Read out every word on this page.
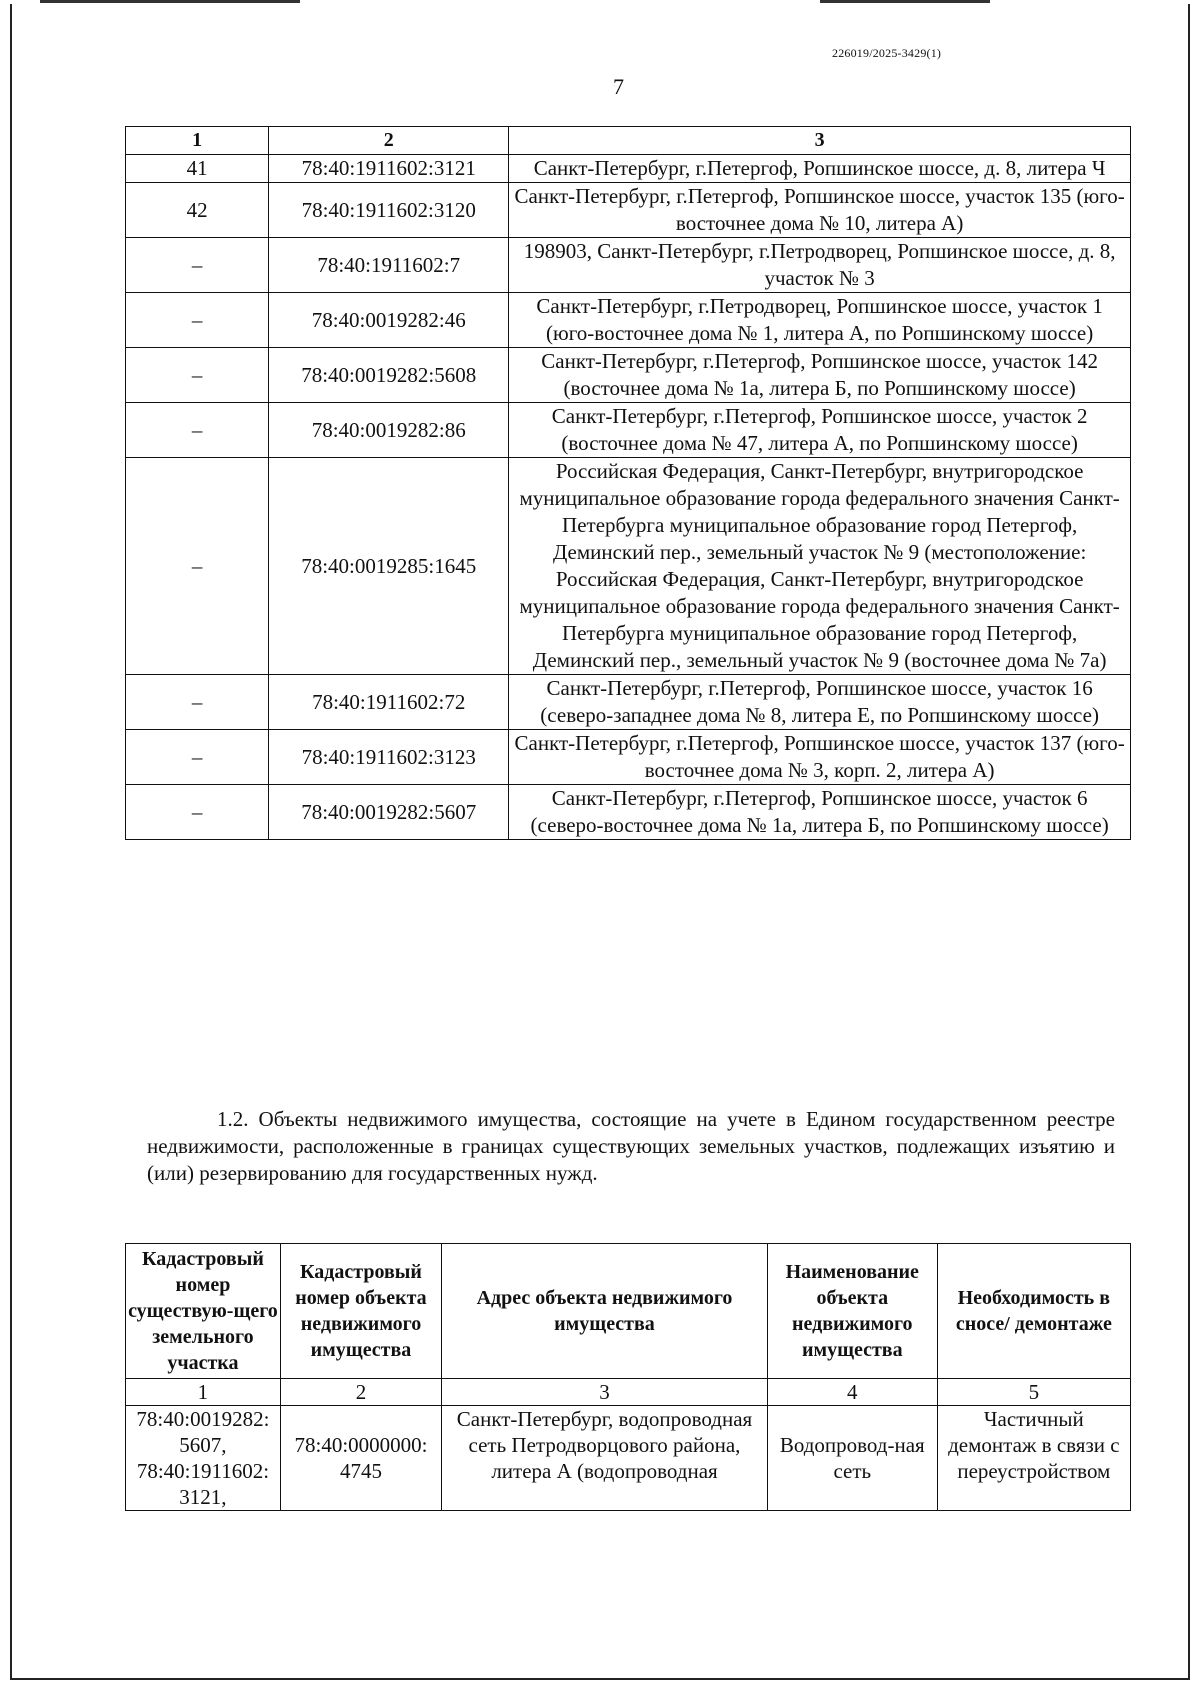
226019/2025-3429(1)
7
1	2	3
41	78:40:1911602:3121	Санкт-Петербург, г.Петергоф, Ропшинское шоссе, д. 8, литера Ч
42	78:40:1911602:3120	Санкт-Петербург, г.Петергоф, Ропшинское шоссе, участок 135 (юго-восточнее дома № 10, литера А)
–	78:40:1911602:7	198903, Санкт-Петербург, г.Петродворец, Ропшинское шоссе, д. 8, участок № 3
–	78:40:0019282:46	Санкт-Петербург, г.Петродворец, Ропшинское шоссе, участок 1 (юго-восточнее дома № 1, литера А, по Ропшинскому шоссе)
–	78:40:0019282:5608	Санкт-Петербург, г.Петергоф, Ропшинское шоссе, участок 142 (восточнее дома № 1а, литера Б, по Ропшинскому шоссе)
–	78:40:0019282:86	Санкт-Петербург, г.Петергоф, Ропшинское шоссе, участок 2 (восточнее дома № 47, литера А, по Ропшинскому шоссе)
–	78:40:0019285:1645	Российская Федерация, Санкт-Петербург, внутригородское муниципальное образование города федерального значения Санкт-Петербурга муниципальное образование город Петергоф, Деминский пер., земельный участок № 9 (местоположение: Российская Федерация, Санкт-Петербург, внутригородское муниципальное образование города федерального значения Санкт-Петербурга муниципальное образование город Петергоф, Деминский пер., земельный участок № 9 (восточнее дома № 7а)
–	78:40:1911602:72	Санкт-Петербург, г.Петергоф, Ропшинское шоссе, участок 16 (северо-западнее дома № 8, литера Е, по Ропшинскому шоссе)
–	78:40:1911602:3123	Санкт-Петербург, г.Петергоф, Ропшинское шоссе, участок 137 (юго-восточнее дома № 3, корп. 2, литера А)
–	78:40:0019282:5607	Санкт-Петербург, г.Петергоф, Ропшинское шоссе, участок 6 (северо-восточнее дома № 1а, литера Б, по Ропшинскому шоссе)
1.2. Объекты недвижимого имущества, состоящие на учете в Едином государственном реестре недвижимости, расположенные в границах существующих земельных участков, подлежащих изъятию и (или) резервированию для государственных нужд.
Кадастровый номер существую-щего земельного участка	Кадастровый номер объекта недвижимого имущества	Адрес объекта недвижимого имущества	Наименование объекта недвижимого имущества	Необходимость в сносе/ демонтаже
1	2	3	4	5
78:40:0019282: 5607, 78:40:1911602: 3121,	78:40:0000000: 4745	Санкт-Петербург, водопроводная сеть Петродворцового района, литера А (водопроводная	Водопровод-ная сеть	Частичный демонтаж в связи с переустройством
